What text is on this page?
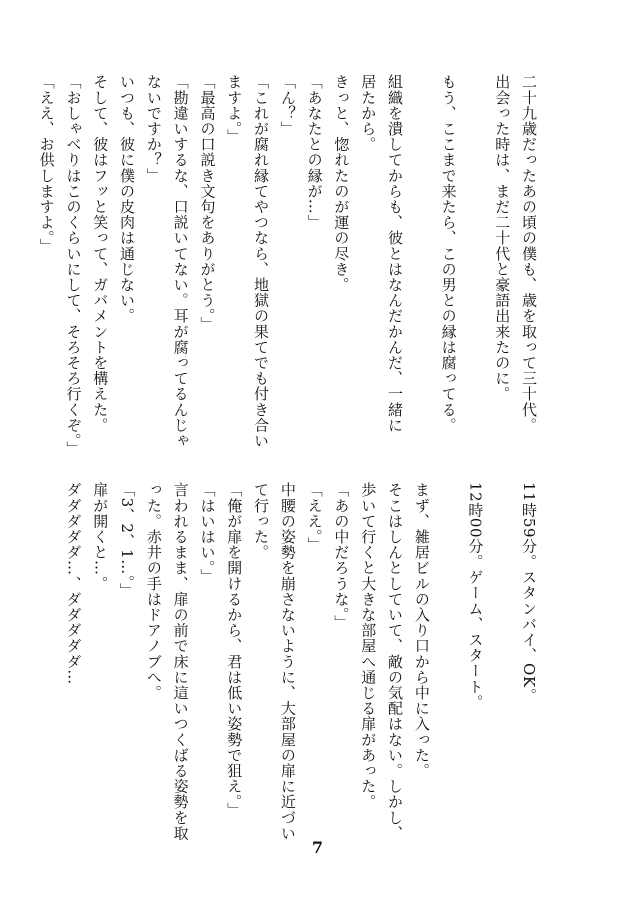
二十九歳だったあの頃の僕も、歳を取って三十代。
出会った時は、まだ二十代と豪語出来たのに。
もう、ここまで来たら、この男との縁は腐ってる。
組織を潰してからも、彼とはなんだかんだ、一緒に
居たから。
きっと、惚れたのが運の尽き。
「あなたとの縁が…」
「ん？」
「これが腐れ縁てやつなら、地獄の果てでも付き合い
ますよ。」
「最高の口説き文句をありがとう。」
「勘違いするな、口説いてない。耳が腐ってるんじゃ
ないですか？」
いつも、彼に僕の皮肉は通じない。
そして、彼はフッと笑って、ガバメントを構えた。
「おしゃべりはこのくらいにして、そろそろ行くぞ。」
「ええ、お供しますよ。」
11時59分。スタンバイ、OK。
12時00分。ゲーム、スタート。
まず、雑居ビルの入り口から中に入った。
そこはしんとしていて、敵の気配はない。しかし、
歩いて行くと大きな部屋へ通じる扉があった。
「あの中だろうな。」
「ええ。」
中腰の姿勢を崩さないように、大部屋の扉に近づい
て行った。
「俺が扉を開けるから、君は低い姿勢で狙え。」
「はいはい。」
言われるまま、扉の前で床に這いつくばる姿勢を取
った。赤井の手はドアノブへ。
「3、2、1…。」
扉が開くと…。
ダダダダダ…、ダダダダダ…

7
